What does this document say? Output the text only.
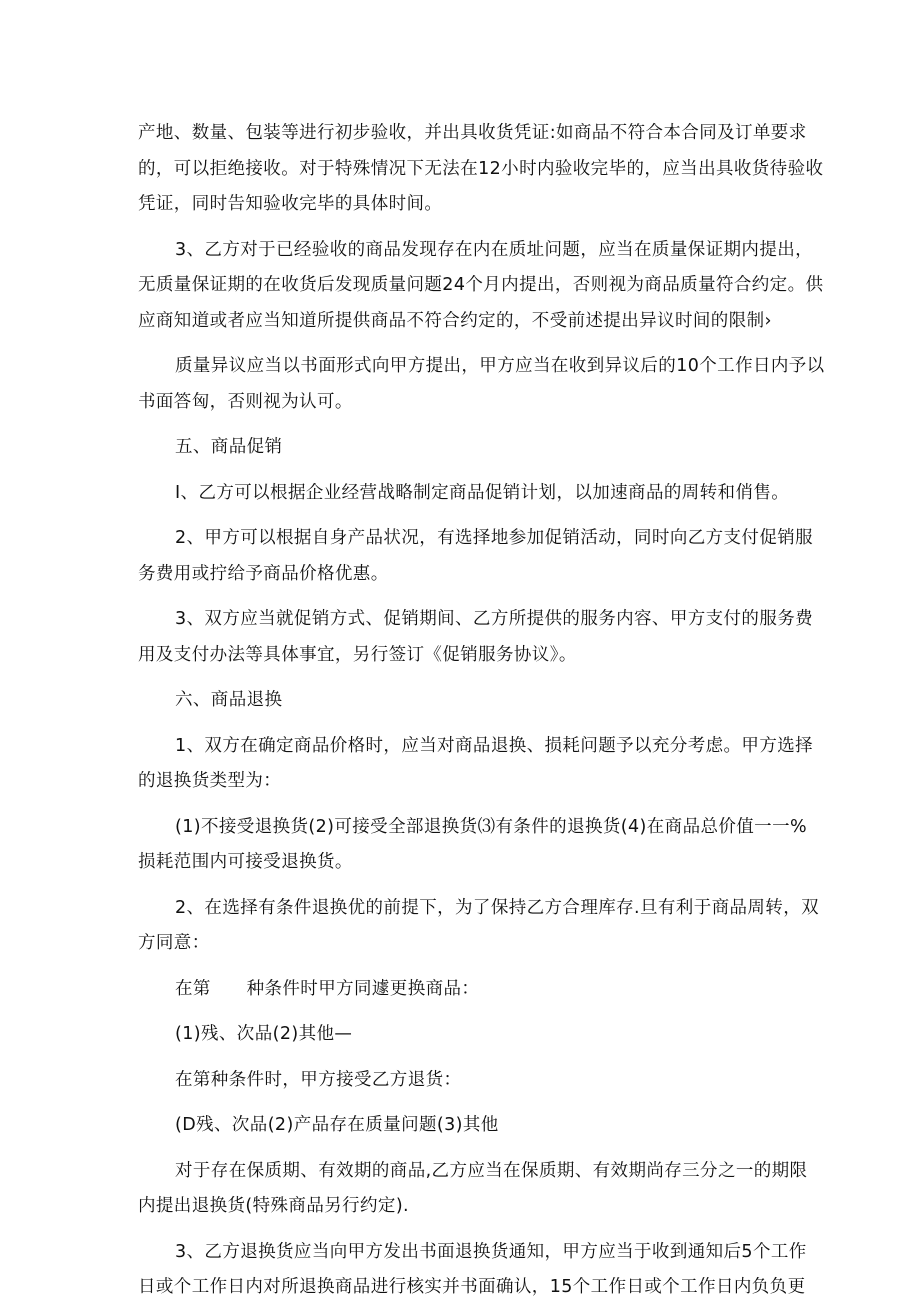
产地、数量、包装等进行初步验收，并出具收货凭证:如商品不符合本合同及订单要求

的，可以拒绝接收。对于特殊情况下无法在12小时内验收完毕的，应当出具收货待验收

凭证，同时告知验收完毕的具体时间。

3、乙方对于已经验收的商品发现存在内在质址问题，应当在质量保证期内提出，

无质量保证期的在收货后发现质量问题24个月内提出，否则视为商品质量符合约定。供

应商知道或者应当知道所提供商品不符合约定的，不受前述提出异议时间的限制›

质量异议应当以书面形式向甲方提出，甲方应当在收到异议后的10个工作日内予以

书面答匈，否则视为认可。

五、商品促销

I、乙方可以根据企业经营战略制定商品促销计划，以加速商品的周转和俏售。

2、甲方可以根据自身产品状况，有选择地参加促销活动，同时向乙方支付促销服

务费用或拧给予商品价格优惠。

3、双方应当就促销方式、促销期间、乙方所提供的服务内容、甲方支付的服务费

用及支付办法等具体事宜，另行签订《促销服务协议》。

六、商品退换

1、双方在确定商品价格时，应当对商品退换、损耗问题予以充分考虑。甲方选择

的退换货类型为：

(1)不接受退换货(2)可接受全部退换货⑶有条件的退换货(4)在商品总价值一一%

损耗范围内可接受退换货。

2、在选择有条件退换优的前提下，为了保持乙方合理库存.旦有利于商品周转，双

方同意：

在第　　种条件时甲方同遽更换商品：

(1)残、次品(2)其他—

在第种条件时，甲方接受乙方退货：

(D残、次品(2)产品存在质量问题(3)其他

对于存在保质期、有效期的商品,乙方应当在保质期、有效期尚存三分之一的期限

内提出退换货(特殊商品另行约定).

3、乙方退换货应当向甲方发出书面退换货通知，甲方应当于收到通知后5个工作

日或个工作日内对所退换商品进行核实并书面确认，15个工作日或个工作日内负负更
